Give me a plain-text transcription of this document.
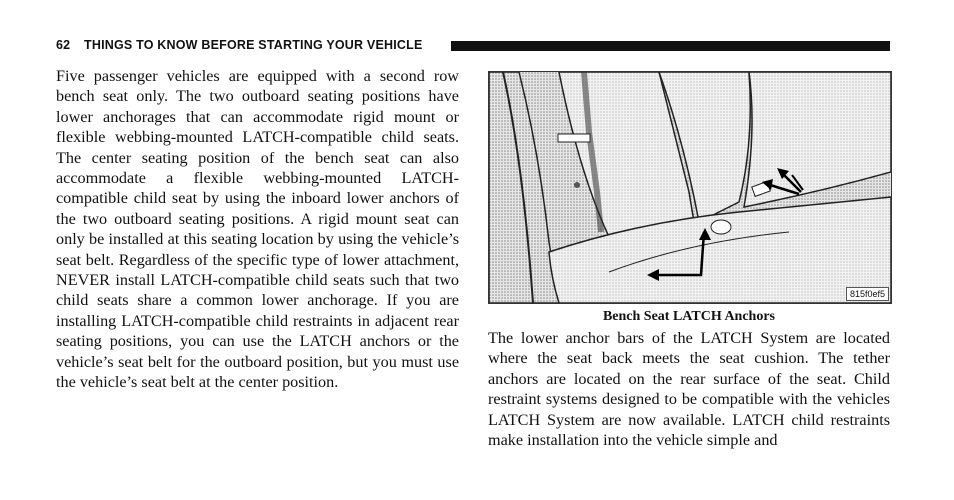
62 THINGS TO KNOW BEFORE STARTING YOUR VEHICLE
Five passenger vehicles are equipped with a second row bench seat only. The two outboard seating positions have lower anchorages that can accommodate rigid mount or flexible webbing-mounted LATCH-compatible child seats. The center seating position of the bench seat can also accommodate a flexible webbing-mounted LATCH-compatible child seat by using the inboard lower anchors of the two outboard seating positions. A rigid mount seat can only be installed at this seating location by using the vehicle’s seat belt. Regardless of the specific type of lower attachment, NEVER install LATCH-compatible child seats such that two child seats share a common lower anchorage. If you are installing LATCH-compatible child restraints in adjacent rear seating positions, you can use the LATCH anchors or the vehicle’s seat belt for the outboard position, but you must use the vehicle’s seat belt at the center position.
815f0ef5
Bench Seat LATCH Anchors
The lower anchor bars of the LATCH System are located where the seat back meets the seat cushion. The tether anchors are located on the rear surface of the seat. Child restraint systems designed to be compatible with the vehicles LATCH System are now available. LATCH child restraints make installation into the vehicle simple and
